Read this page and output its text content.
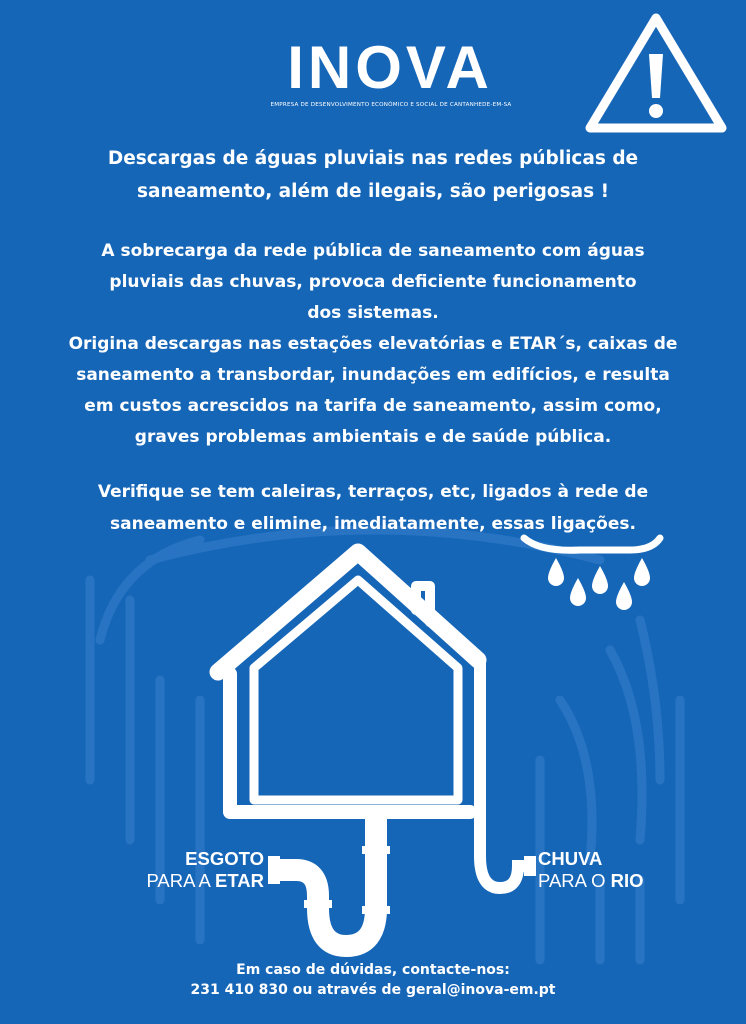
INOVA
EMPRESA DE DESENVOLVIMENTO ECONÓMICO E SOCIAL DE CANTANHEDE-EM-SA
Descargas de águas pluviais nas redes públicas de
saneamento, além de ilegais, são perigosas !
A sobrecarga da rede pública de saneamento com águas
pluviais das chuvas, provoca deficiente funcionamento
dos sistemas.
Origina descargas nas estações elevatórias e ETAR´s, caixas de
saneamento a transbordar, inundações em edifícios, e resulta
em custos acrescidos na tarifa de saneamento, assim como,
graves problemas ambientais e de saúde pública.
Verifique se tem caleiras, terraços, etc, ligados à rede de
saneamento e elimine, imediatamente, essas ligações.
ESGOTO
PARA A ETAR
CHUVA
PARA O RIO
Em caso de dúvidas, contacte-nos:
231 410 830 ou através de geral@inova-em.pt
